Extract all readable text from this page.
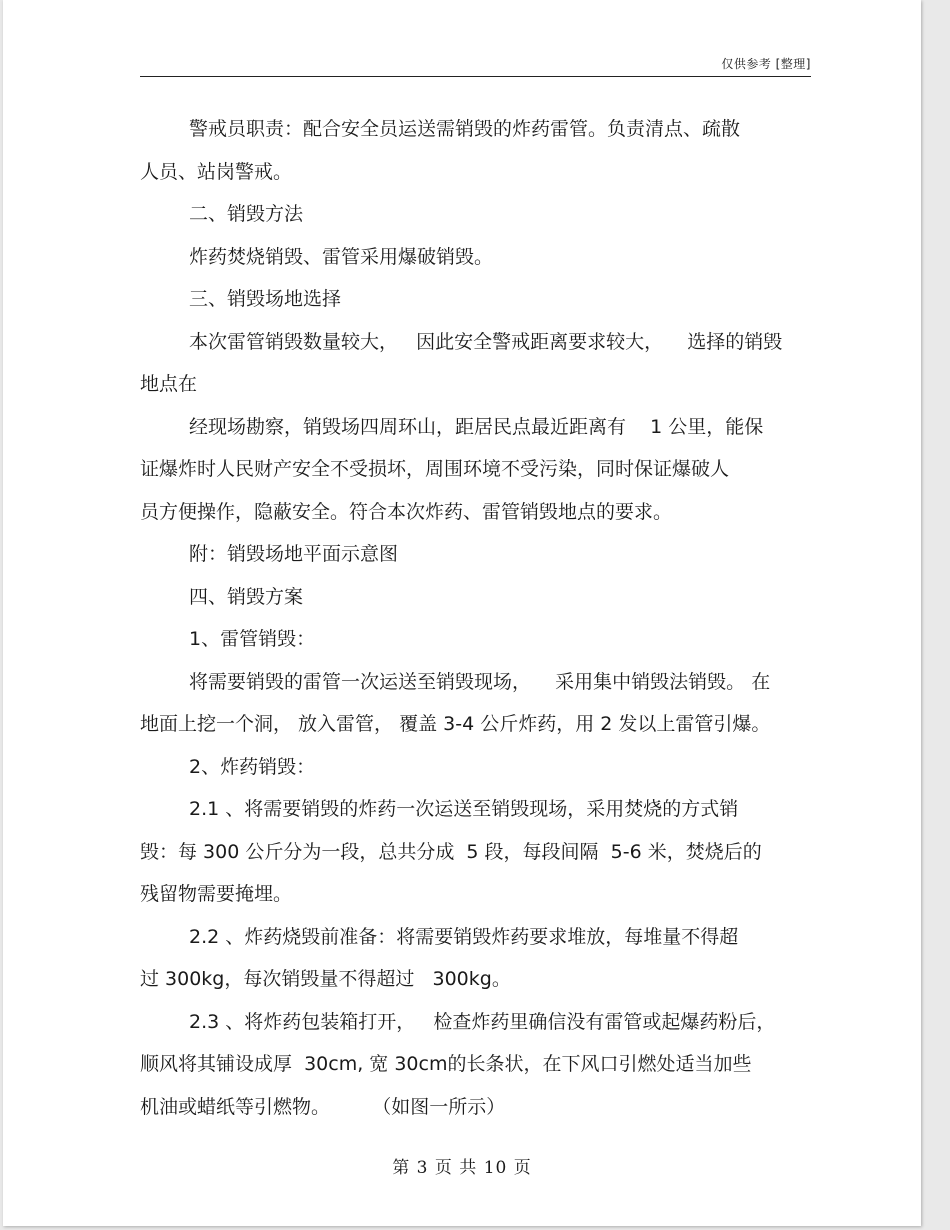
仅供参考 [整理]
警戒员职责：配合安全员运送需销毁的炸药雷管。负责清点、疏散
人员、站岗警戒。
二、销毁方法
炸药焚烧销毁、雷管采用爆破销毁。
三、销毁场地选择
本次雷管销毁数量较大，   因此安全警戒距离要求较大，    选择的销毁
地点在
经现场勘察，销毁场四周环山，距居民点最近距离有    1 公里，能保
证爆炸时人民财产安全不受损坏，周围环境不受污染，同时保证爆破人
员方便操作，隐蔽安全。符合本次炸药、雷管销毁地点的要求。
附：销毁场地平面示意图
四、销毁方案
1、雷管销毁：
将需要销毁的雷管一次运送至销毁现场，    采用集中销毁法销毁。 在
地面上挖一个洞， 放入雷管， 覆盖 3-4 公斤炸药，用 2 发以上雷管引爆。
2、炸药销毁：
2.1 、将需要销毁的炸药一次运送至销毁现场，采用焚烧的方式销
毁：每 300 公斤分为一段，总共分成  5 段，每段间隔  5-6 米，焚烧后的
残留物需要掩埋。
2.2 、炸药烧毁前准备：将需要销毁炸药要求堆放，每堆量不得超
过 300kg，每次销毁量不得超过   300kg。
2.3 、将炸药包装箱打开，   检查炸药里确信没有雷管或起爆药粉后，
顺风将其铺设成厚  30cm, 宽 30cm的长条状，在下风口引燃处适当加些
机油或蜡纸等引燃物。       （如图一所示）
第 3 页 共 10 页
